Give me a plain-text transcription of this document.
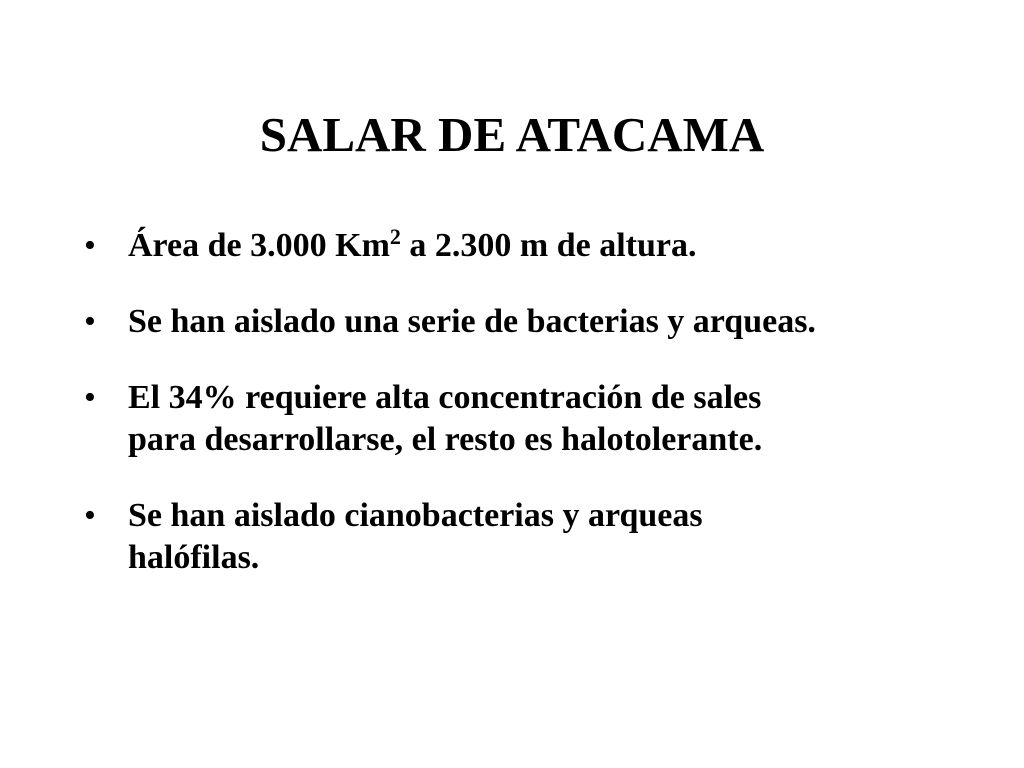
SALAR DE ATACAMA
• Área de 3.000 Km$^2$ a 2.300 m de altura.
• Se han aislado una serie de bacterias y arqueas.
• El 34% requiere alta concentración de sales
para desarrollarse, el resto es halotolerante.
• Se han aislado cianobacterias y arqueas
halófilas.
